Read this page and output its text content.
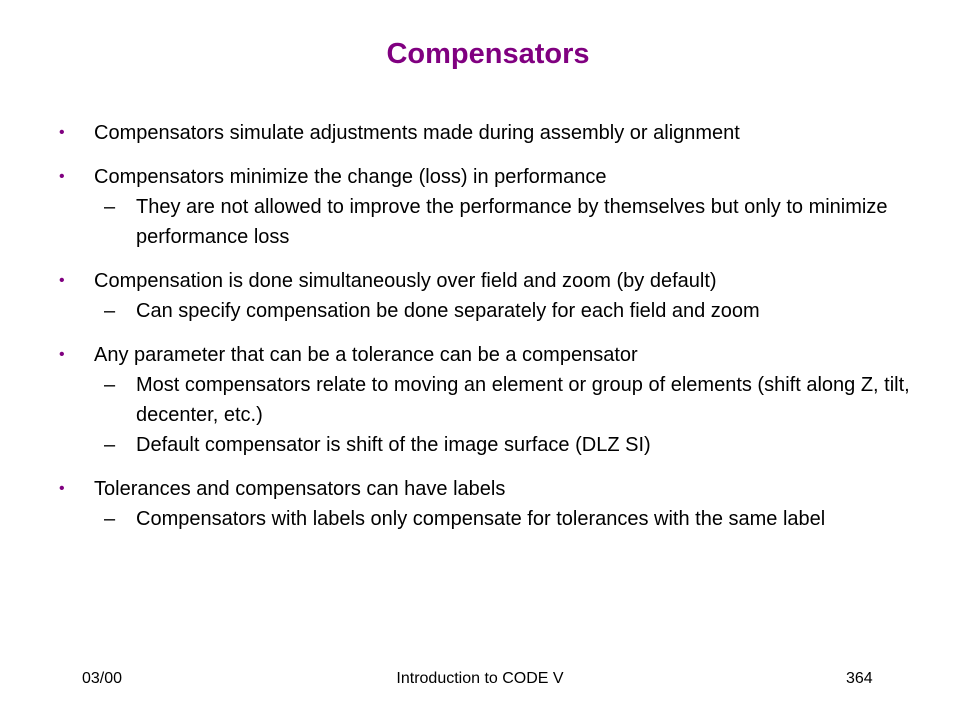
Compensators
• Compensators simulate adjustments made during assembly or alignment
• Compensators minimize the change (loss) in performance
– They are not allowed to improve the performance by themselves but only to minimize performance loss
• Compensation is done simultaneously over field and zoom (by default)
– Can specify compensation be done separately for each field and zoom
• Any parameter that can be a tolerance can be a compensator
– Most compensators relate to moving an element or group of elements (shift along Z, tilt, decenter, etc.)
– Default compensator is shift of the image surface (DLZ SI)
• Tolerances and compensators can have labels
– Compensators with labels only compensate for tolerances with the same label
03/00	Introduction to CODE V	364
